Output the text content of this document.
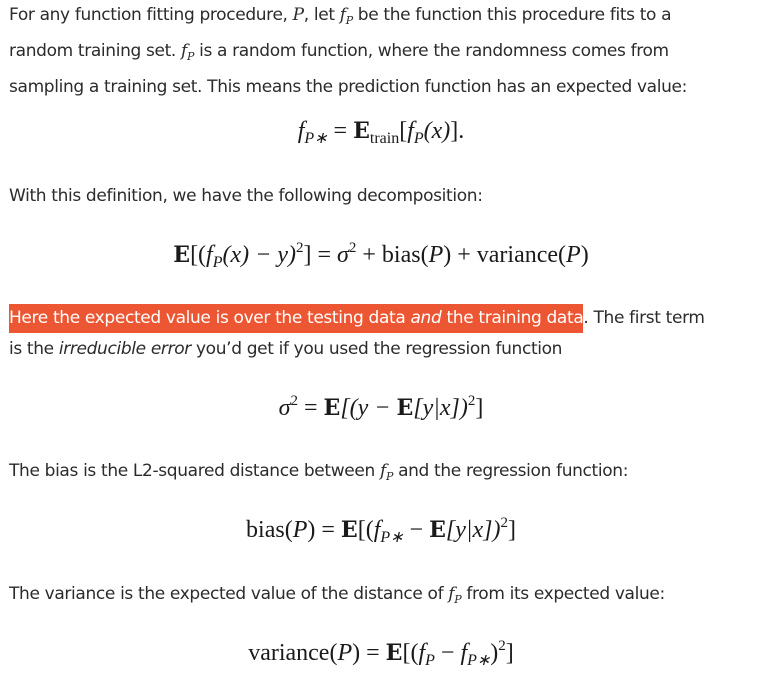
For any function fitting procedure, P, let $f_P$ be the function this procedure fits to a
random training set. $f_P$ is a random function, where the randomness comes from
sampling a training set. This means the prediction function has an expected value:
$f_{P∗} = E_{train}[f_P(x)]$.
With this definition, we have the following decomposition:
$E[(f_P(x) - y)^2] = \sigma^2$ + bias(P) + variance(P)
Here the expected value is over the testing data and the training data. The first term
is the irreducible error you’d get if you used the regression function
$\sigma^2 = E[(y - E[y|x])^2]$
The bias is the L2-squared distance between $f_P$ and the regression function:
bias(P) = $E[(f_{P∗} - E[y|x])^2]$
The variance is the expected value of the distance of $f_P$ from its expected value:
variance(P) = $E[(f_P - f_{P∗})^2]$
